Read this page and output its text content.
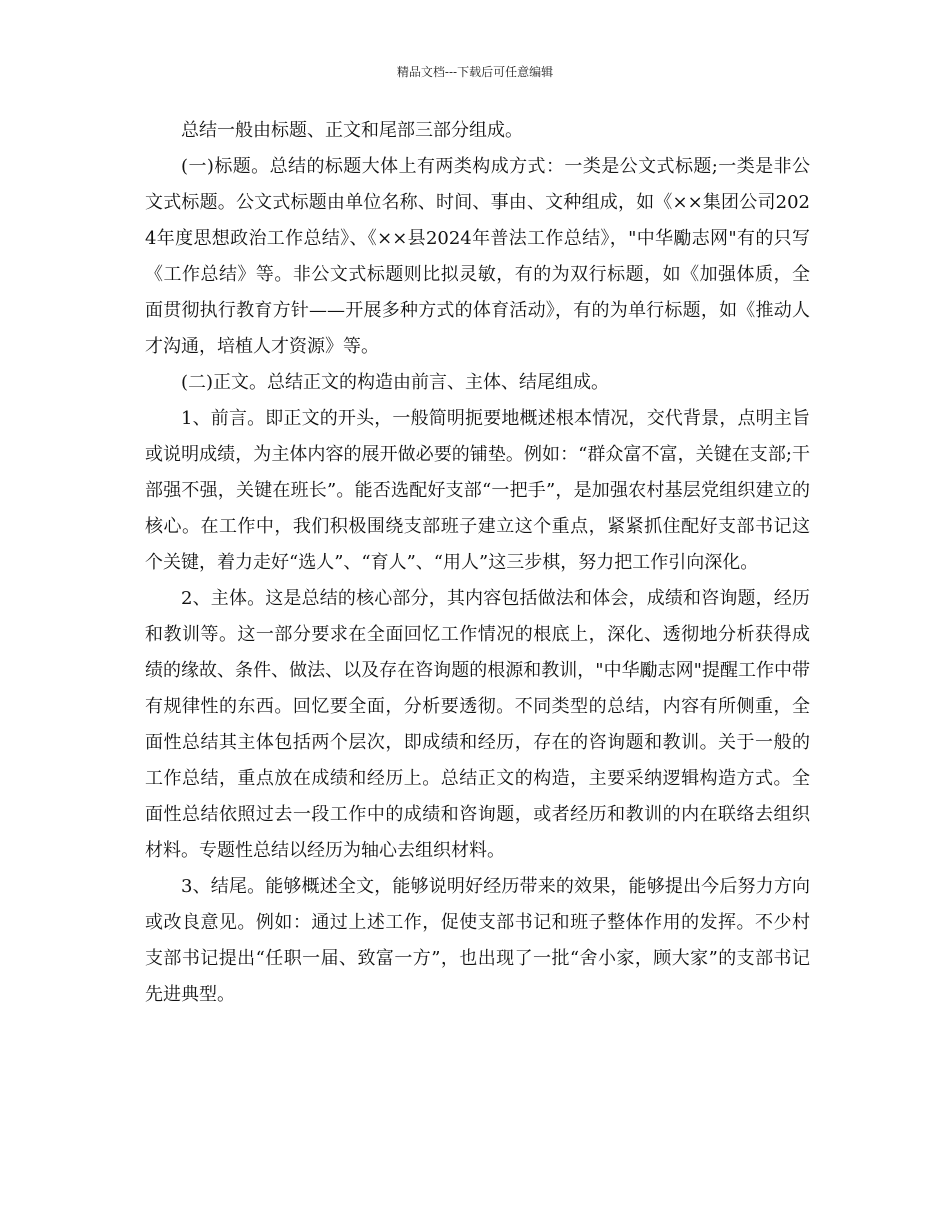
精品文档---下载后可任意编辑

总结一般由标题、正文和尾部三部分组成。

(一)标题。总结的标题大体上有两类构成方式：一类是公文式标题;一类是非公文式标题。公文式标题由单位名称、时间、事由、文种组成，如《××集团公司2024年度思想政治工作总结》、《××县2024年普法工作总结》，"中华勵志网"有的只写《工作总结》等。非公文式标题则比拟灵敏，有的为双行标题，如《加强体质，全面贯彻执行教育方针——开展多种方式的体育活动》，有的为单行标题，如《推动人才沟通，培植人才资源》等。

(二)正文。总结正文的构造由前言、主体、结尾组成。

1、前言。即正文的开头，一般简明扼要地概述根本情况，交代背景，点明主旨或说明成绩，为主体内容的展开做必要的铺垫。例如：“群众富不富，关键在支部;干部强不强，关键在班长”。能否选配好支部“一把手”，是加强农村基层党组织建立的核心。在工作中，我们积极围绕支部班子建立这个重点，紧紧抓住配好支部书记这个关键，着力走好“选人”、“育人”、“用人”这三步棋，努力把工作引向深化。

2、主体。这是总结的核心部分，其内容包括做法和体会，成绩和咨询题，经历和教训等。这一部分要求在全面回忆工作情况的根底上，深化、透彻地分析获得成绩的缘故、条件、做法、以及存在咨询题的根源和教训，"中华勵志网"提醒工作中带有规律性的东西。回忆要全面，分析要透彻。不同类型的总结，内容有所侧重，全面性总结其主体包括两个层次，即成绩和经历，存在的咨询题和教训。关于一般的工作总结，重点放在成绩和经历上。总结正文的构造，主要采纳逻辑构造方式。全面性总结依照过去一段工作中的成绩和咨询题，或者经历和教训的内在联络去组织材料。专题性总结以经历为轴心去组织材料。

3、结尾。能够概述全文，能够说明好经历带来的效果，能够提出今后努力方向或改良意见。例如：通过上述工作，促使支部书记和班子整体作用的发挥。不少村支部书记提出“任职一届、致富一方”，也出现了一批“舍小家，顾大家”的支部书记先进典型。
